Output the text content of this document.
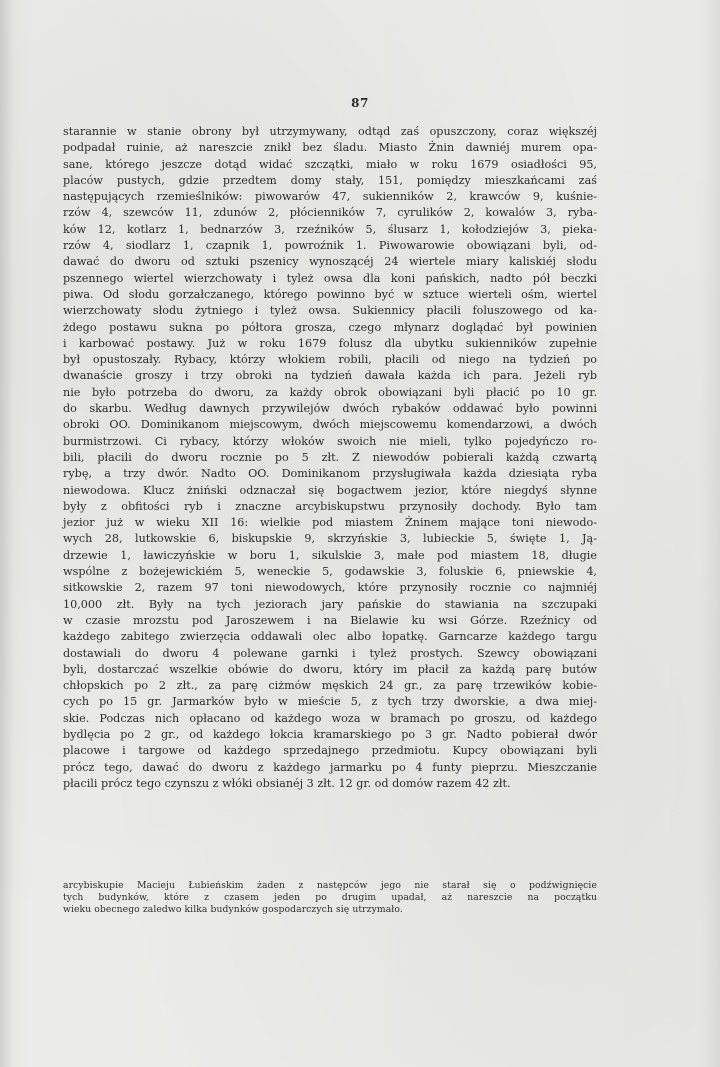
87
starannie w stanie obrony był utrzymywany, odtąd zaś opuszczony, coraz większéj
podpadał ruinie, aż nareszcie znikł bez śladu. Miasto Żnin dawniéj murem opa-
sane, którego jeszcze dotąd widać szczątki, miało w roku 1679 osiadłości 95,
placów pustych, gdzie przedtem domy stały, 151, pomiędzy mieszkańcami zaś
następujących rzemieślników: piwowarów 47, sukienników 2, krawców 9, kuśnie-
rzów 4, szewców 11, zdunów 2, płócienników 7, cyrulików 2, kowalów 3, ryba-
ków 12, kotlarz 1, bednarzów 3, rzeźników 5, ślusarz 1, kołodziejów 3, pieka-
rzów 4, siodlarz 1, czapnik 1, powroźnik 1. Piwowarowie obowiązani byli, od-
dawać do dworu od sztuki pszenicy wynoszącéj 24 wiertele miary kaliskiéj słodu
pszennego wiertel wierzchowaty i tyleż owsa dla koni pańskich, nadto pół beczki
piwa. Od słodu gorzałczanego, którego powinno być w sztuce wierteli ośm, wiertel
wierzchowaty słodu żytniego i tyleż owsa. Sukiennicy płacili foluszowego od ka-
żdego postawu sukna po półtora grosza, czego młynarz doglądać był powinien
i karbować postawy. Już w roku 1679 folusz dla ubytku sukienników zupełnie
był opustoszały. Rybacy, którzy włokiem robili, płacili od niego na tydzień po
dwanaście groszy i trzy obroki na tydzień dawała każda ich para. Jeżeli ryb
nie było potrzeba do dworu, za każdy obrok obowiązani byli płacić po 10 gr.
do skarbu. Według dawnych przywilejów dwóch rybaków oddawać było powinni
obroki OO. Dominikanom miejscowym, dwóch miejscowemu komendarzowi, a dwóch
burmistrzowi. Ci rybacy, którzy włoków swoich nie mieli, tylko pojedyńczo ro-
bili, płacili do dworu rocznie po 5 złt. Z niewodów pobierali każdą czwartą
rybę, a trzy dwór. Nadto OO. Dominikanom przysługiwała każda dziesiąta ryba
niewodowa. Klucz żniński odznaczał się bogactwem jezior, które niegdyś słynne
były z obfitości ryb i znaczne arcybiskupstwu przynosiły dochody. Było tam
jezior już w wieku XII 16: wielkie pod miastem Żninem mające toni niewodo-
wych 28, lutkowskie 6, biskupskie 9, skrzyńskie 3, lubieckie 5, święte 1, Ją-
drzewie 1, ławiczyńskie w boru 1, sikulskie 3, małe pod miastem 18, długie
wspólne z bożejewickiém 5, weneckie 5, godawskie 3, foluskie 6, pniewskie 4,
sitkowskie 2, razem 97 toni niewodowych, które przynosiły rocznie co najmniéj
10,000 złt. Były na tych jeziorach jary pańskie do stawiania na szczupaki
w czasie mrozstu pod Jaroszewem i na Bielawie ku wsi Górze. Rzeźnicy od
każdego zabitego zwierzęcia oddawali olec albo łopatkę. Garncarze każdego targu
dostawiali do dworu 4 polewane garnki i tyleż prostych. Szewcy obowiązani
byli, dostarczać wszelkie obówie do dworu, który im płacił za każdą parę butów
chłopskich po 2 złt., za parę ciżmów męskich 24 gr., za parę trzewików kobie-
cych po 15 gr. Jarmarków było w mieście 5, z tych trzy dworskie, a dwa miej-
skie. Podczas nich opłacano od każdego woza w bramach po groszu, od każdego
bydlęcia po 2 gr., od każdego łokcia kramarskiego po 3 gr. Nadto pobierał dwór
placowe i targowe od każdego sprzedajnego przedmiotu. Kupcy obowiązani byli
prócz tego, dawać do dworu z każdego jarmarku po 4 funty pieprzu. Mieszczanie
płacili prócz tego czynszu z włóki obsianéj 3 złt. 12 gr. od domów razem 42 złt.
arcybiskupie Macieju Łubieńskim żaden z następców jego nie starał się o podźwignięcie
tych budynków, które z czasem jeden po drugim upadał, aż nareszcie na początku
wieku obecnego zaledwo kilka budynków gospodarczych się utrzymało.
